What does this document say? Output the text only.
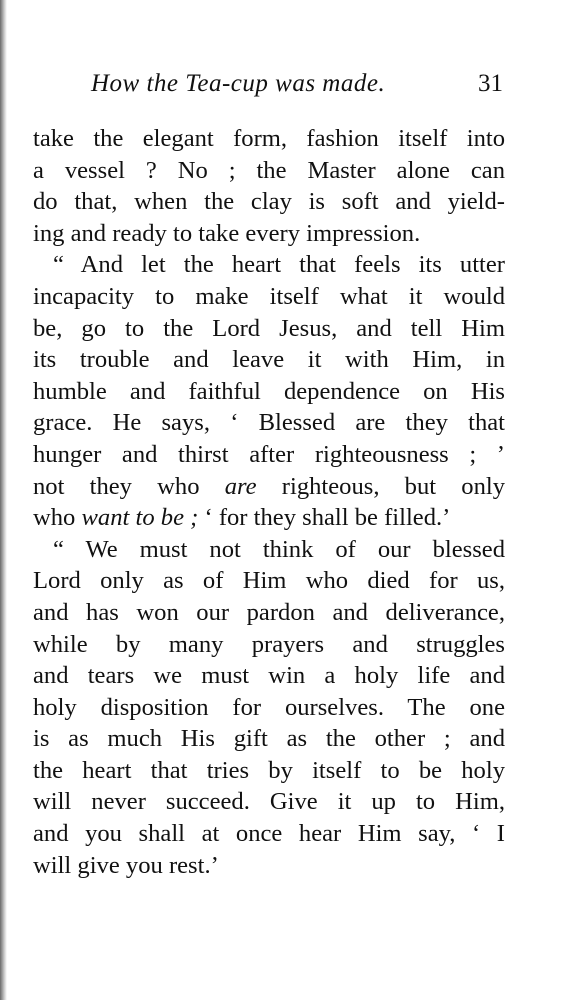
How the Tea-cup was made.	31
take the elegant form, fashion itself into
a vessel ? No ; the Master alone can
do that, when the clay is soft and yield-
ing and ready to take every impression.
“ And let the heart that feels its utter
incapacity to make itself what it would
be, go to the Lord Jesus, and tell Him
its trouble and leave it with Him, in
humble and faithful dependence on His
grace. He says, ‘ Blessed are they that
hunger and thirst after righteousness ; ’
not they who are righteous, but only
who want to be ; ‘ for they shall be filled.’
“ We must not think of our blessed
Lord only as of Him who died for us,
and has won our pardon and deliverance,
while by many prayers and struggles
and tears we must win a holy life and
holy disposition for ourselves. The one
is as much His gift as the other ; and
the heart that tries by itself to be holy
will never succeed. Give it up to Him,
and you shall at once hear Him say, ‘ I
will give you rest.’
